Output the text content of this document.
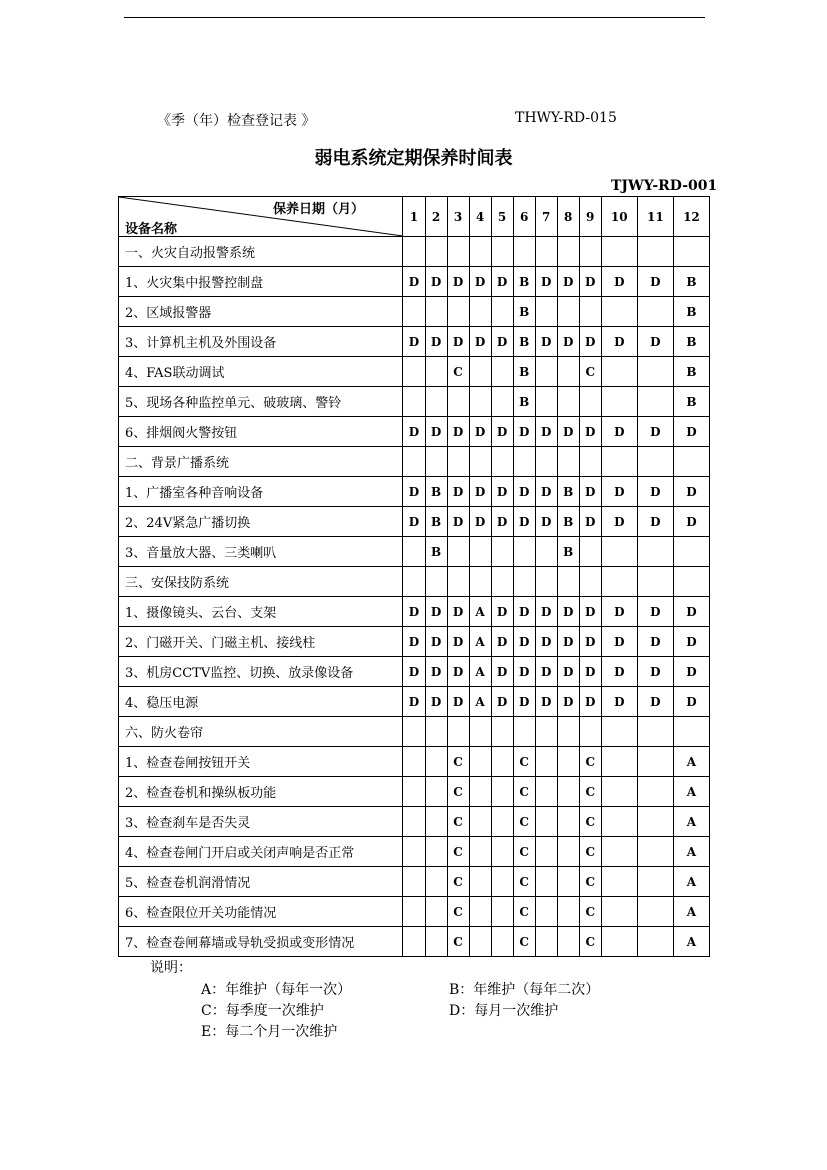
《季（年）检查登记表 》	THWY-RD-015
弱电系统定期保养时间表
TJWY-RD-001
保养日期（月）
设备名称	1	2	3	4	5	6	7	8	9	10	11	12
一、火灾自动报警系统												
1、火灾集中报警控制盘	D	D	D	D	D	B	D	D	D	D	D	B
2、区域报警器						B						B
3、计算机主机及外围设备	D	D	D	D	D	B	D	D	D	D	D	B
4、FAS联动调试			C			B			C			B
5、现场各种监控单元、破玻璃、警铃						B						B
6、排烟阀火警按钮	D	D	D	D	D	D	D	D	D	D	D	D
二、背景广播系统												
1、广播室各种音响设备	D	B	D	D	D	D	D	B	D	D	D	D
2、24V紧急广播切换	D	B	D	D	D	D	D	B	D	D	D	D
3、音量放大器、三类喇叭		B						B				
三、安保技防系统												
1、摄像镜头、云台、支架	D	D	D	A	D	D	D	D	D	D	D	D
2、门磁开关、门磁主机、接线柱	D	D	D	A	D	D	D	D	D	D	D	D
3、机房CCTV监控、切换、放录像设备	D	D	D	A	D	D	D	D	D	D	D	D
4、稳压电源	D	D	D	A	D	D	D	D	D	D	D	D
六、防火卷帘												
1、检查卷闸按钮开关			C			C			C			A
2、检查卷机和操纵板功能			C			C			C			A
3、检查刹车是否失灵			C			C			C			A
4、检查卷闸门开启或关闭声响是否正常			C			C			C			A
5、检查卷机润滑情况			C			C			C			A
6、检查限位开关功能情况			C			C			C			A
7、检查卷闸幕墙或导轨受损或变形情况			C			C			C			A
说明：
A：年维护（每年一次）	B：年维护（每年二次）
C：每季度一次维护	D：每月一次维护
E：每二个月一次维护
